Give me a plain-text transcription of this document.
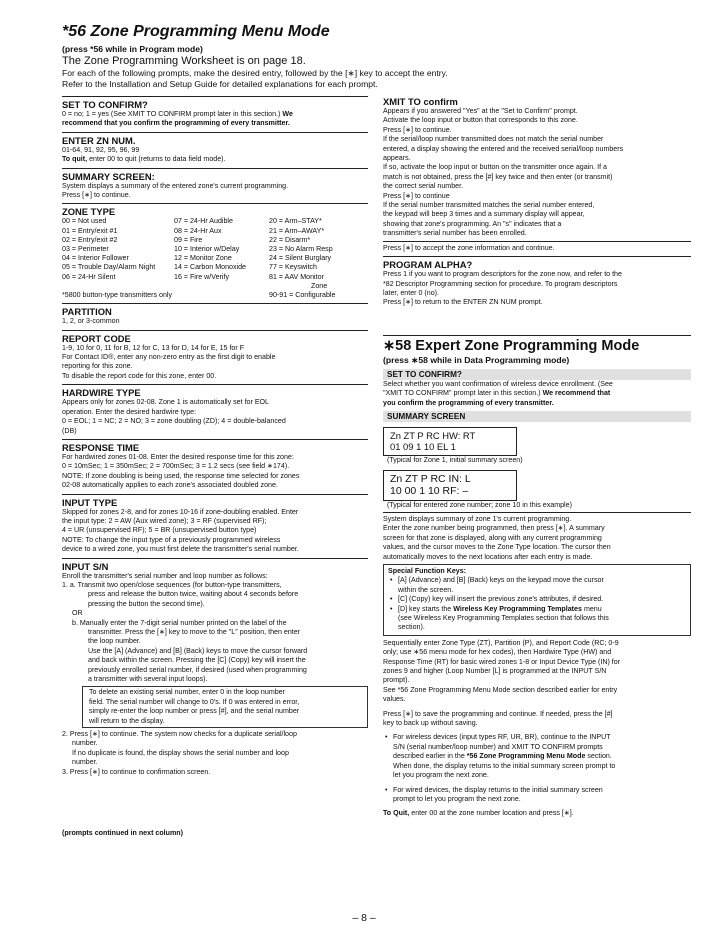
*56 Zone Programming Menu Mode
(press *56 while in Program mode)
The Zone Programming Worksheet is on page 18.
For each of the following prompts, make the desired entry, followed by the [∗] key to accept the entry.
Refer to the Installation and Setup Guide for detailed explanations for each prompt.
SET TO CONFIRM?
0 = no; 1 = yes (See XMIT TO CONFIRM prompt later in this section.) We
recommend that you confirm the programming of every transmitter.
ENTER ZN NUM.
01-64, 91, 92, 95, 96, 99
To quit, enter 00 to quit (returns to data field mode).
SUMMARY SCREEN:
System displays a summary of the entered zone's current programming.
Press [∗] to continue.
ZONE TYPE
00 = Not used	07 = 24-Hr Audible	20 = Arm–STAY*
01 = Entry/exit #1	08 = 24-Hr Aux	21 = Arm–AWAY*
02 = Entry/exit #2	09 = Fire	22 = Disarm*
03 = Perimeter	10 = Interior w/Delay	23 = No Alarm Resp
04 = Interior Follower	12 = Monitor Zone	24 = Silent Burglary
05 = Trouble Day/Alarm Night	14 = Carbon Monoxide	77 = Keyswitch
06 = 24-Hr Silent	16 = Fire w/Verify	81 = AAV Monitor
		Zone
*5800 button-type transmitters only	90-91 = Configurable
PARTITION
1, 2, or 3-common
REPORT CODE
1-9, 10 for 0, 11 for B, 12 for C, 13 for D, 14 for E, 15 for F
For Contact ID®, enter any non-zero entry as the first digit to enable
reporting for this zone.
To disable the report code for this zone, enter 00.
HARDWIRE TYPE
Appears only for zones 02-08. Zone 1 is automatically set for EOL
operation. Enter the desired hardwire type:
0 = EOL; 1 = NC; 2 = NO; 3 = zone doubling (ZD); 4 = double-balanced
(DB)
RESPONSE TIME
For hardwired zones 01-08. Enter the desired response time for this zone:
0 = 10mSec; 1 = 350mSec; 2 = 700mSec; 3 = 1.2 secs (see field ∗174).
NOTE: If zone doubling is being used, the response time selected for zones
02-08 automatically applies to each zone's associated doubled zone.
INPUT TYPE
Skipped for zones 2-8, and for zones 10-16 if zone-doubling enabled. Enter
the input type: 2 = AW (Aux wired zone); 3 = RF (supervised RF);
4 = UR (unsupervised RF); 5 = BR (unsupervised button type)
NOTE: To change the input type of a previously programmed wireless
device to a wired zone, you must first delete the transmitter's serial number.
INPUT S/N
Enroll the transmitter's serial number and loop number as follows:
1. a. Transmit two open/close sequences (for button-type transmitters,
press and release the button twice, waiting about 4 seconds before
pressing the button the second time).
OR
b. Manually enter the 7-digit serial number printed on the label of the
transmitter. Press the [∗] key to move to the "L" position, then enter
the loop number.
Use the [A] (Advance) and [B] (Back) keys to move the cursor forward
and back within the screen. Pressing the [C] (Copy) key will insert the
previously enrolled serial number, if desired (used when programming
a transmitter with several input loops).
To delete an existing serial number, enter 0 in the loop number
field. The serial number will change to 0's. If 0 was entered in error,
simply re-enter the loop number or press [#], and the serial number
will return to the display.
2. Press [∗] to continue. The system now checks for a duplicate serial/loop
number.
If no duplicate is found, the display shows the serial number and loop
number.
3. Press [∗] to continue to confirmation screen.
(prompts continued in next column)
XMIT TO confirm
Appears if you answered "Yes" at the "Set to Confirm" prompt.
Activate the loop input or button that corresponds to this zone.
Press [∗] to continue.
If the serial/loop number transmitted does not match the serial number
entered, a display showing the entered and the received serial/loop numbers
appears.
If so, activate the loop input or button on the transmitter once again. If a
match is not obtained, press the [#] key twice and then enter (or transmit)
the correct serial number.
Press [∗] to continue
If the serial number transmitted matches the serial number entered,
the keypad will beep 3 times and a summary display will appear,
showing that zone's programming. An "s" indicates that a
transmitter's serial number has been enrolled.
Press [∗] to accept the zone information and continue.
PROGRAM ALPHA?
Press 1 if you want to program descriptors for the zone now, and refer to the
*82 Descriptor Programming section for procedure. To program descriptors
later, enter 0 (no).
Press [∗] to return to the ENTER ZN NUM prompt.
∗58 Expert Zone Programming Mode
(press ∗58 while in Data Programming mode)
SET TO CONFIRM?
Select whether you want confirmation of wireless device enrollment. (See
"XMIT TO CONFIRM" prompt later in this section.) We recommend that
you confirm the programming of every transmitter.
SUMMARY SCREEN
Zn ZT P RC HW: RT
01 09 1 10 EL 1
(Typical for Zone 1, initial summary screen)
Zn ZT P RC IN: L
10 00 1 10 RF: –
(Typical for entered zone number; zone 10 in this example)
System displays summary of zone 1's current programming.
Enter the zone number being programmed, then press [∗]. A summary
screen for that zone is displayed, along with any current programming
values, and the cursor moves to the Zone Type location. The cursor then
automatically moves to the next locations after each entry is made.
Special Function Keys:
• [A] (Advance) and [B] (Back) keys on the keypad move the cursor
within the screen.
• [C] (Copy) key will insert the previous zone's attributes, if desired.
• [D] key starts the Wireless Key Programming Templates menu
(see Wireless Key Programming Templates section that follows this
section).
Sequentially enter Zone Type (ZT), Partition (P), and Report Code (RC; 0-9
only; use ∗56 menu mode for hex codes), then Hardwire Type (HW) and
Response Time (RT) for basic wired zones 1-8 or Input Device Type (IN) for
zones 9 and higher (Loop Number [L] is programmed at the INPUT S/N
prompt).
See *56 Zone Programming Menu Mode section described earlier for entry
values.
Press [∗] to save the programming and continue. If needed, press the [#]
key to back up without saving.
• For wireless devices (input types RF, UR, BR), continue to the INPUT
S/N (serial number/loop number) and XMIT TO CONFIRM prompts
described earlier in the *56 Zone Programming Menu Mode section.
When done, the display returns to the initial summary screen prompt to
let you program the next zone.
• For wired devices, the display returns to the initial summary screen
prompt to let you program the next zone.
To Quit, enter 00 at the zone number location and press [∗].
– 8 –
